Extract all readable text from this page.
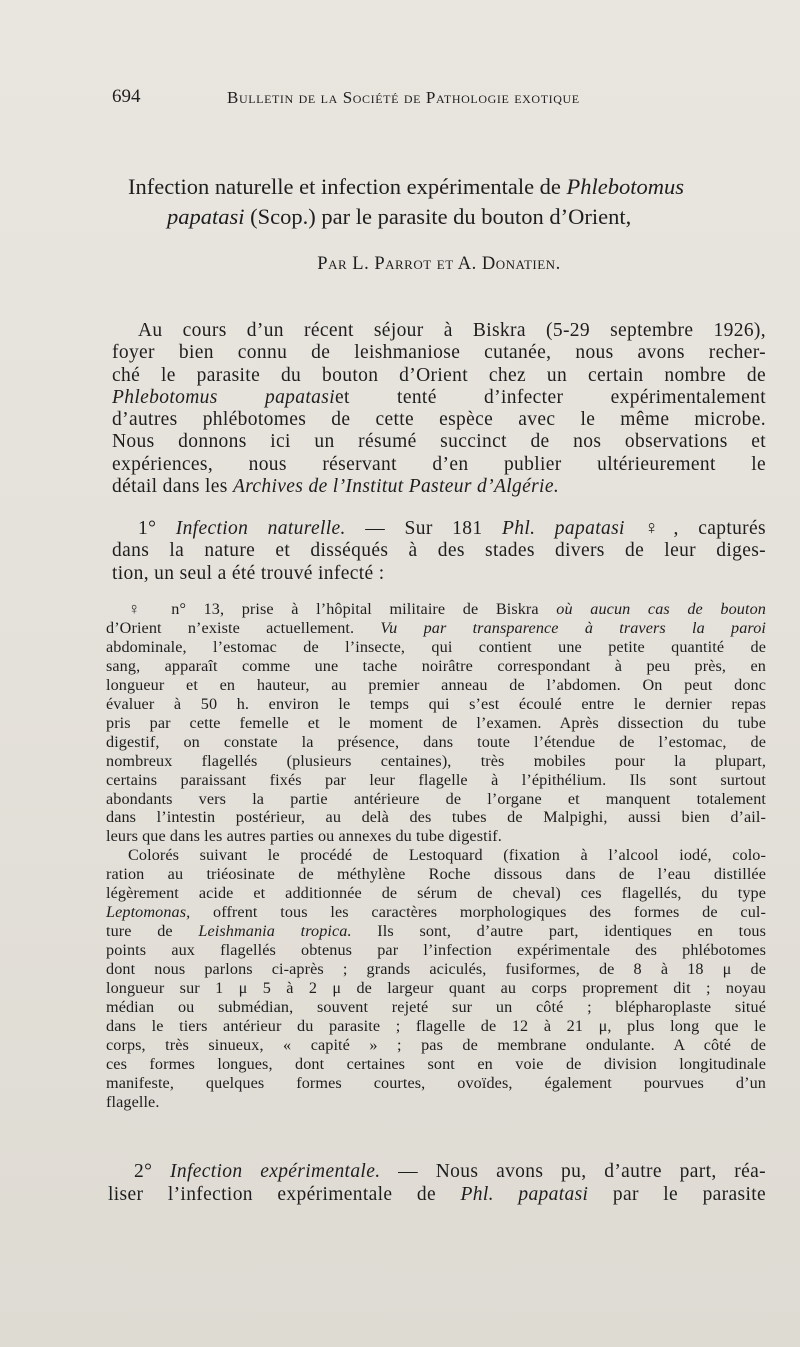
694	Bulletin de la Société de Pathologie exotique
Infection naturelle et infection expérimentale de Phlebotomus
papatasi (Scop.) par le parasite du bouton d’Orient,
Par L. Parrot et A. Donatien.
Au cours d’un récent séjour à Biskra (5-29 septembre 1926),
foyer bien connu de leishmaniose cutanée, nous avons recher-
ché le parasite du bouton d’Orient chez un certain nombre de
Phlebotomus papatasiet tenté d’infecter expérimentalement
d’autres phlébotomes de cette espèce avec le même microbe.
Nous donnons ici un résumé succinct de nos observations et
expériences, nous réservant d’en publier ultérieurement le
détail dans les Archives de l’Institut Pasteur d’Algérie.
1° Infection naturelle. — Sur 181 Phl. papatasi ♀, capturés
dans la nature et disséqués à des stades divers de leur diges-
tion, un seul a été trouvé infecté :
♀ n° 13, prise à l’hôpital militaire de Biskra où aucun cas de bouton
d’Orient n’existe actuellement. Vu par transparence à travers la paroi
abdominale, l’estomac de l’insecte, qui contient une petite quantité de
sang, apparaît comme une tache noirâtre correspondant à peu près, en
longueur et en hauteur, au premier anneau de l’abdomen. On peut donc
évaluer à 50 h. environ le temps qui s’est écoulé entre le dernier repas
pris par cette femelle et le moment de l’examen. Après dissection du tube
digestif, on constate la présence, dans toute l’étendue de l’estomac, de
nombreux flagellés (plusieurs centaines), très mobiles pour la plupart,
certains paraissant fixés par leur flagelle à l’épithélium. Ils sont surtout
abondants vers la partie antérieure de l’organe et manquent totalement
dans l’intestin postérieur, au delà des tubes de Malpighi, aussi bien d’ail-
leurs que dans les autres parties ou annexes du tube digestif.
Colorés suivant le procédé de Lestoquard (fixation à l’alcool iodé, colo-
ration au triéosinate de méthylène Roche dissous dans de l’eau distillée
légèrement acide et additionnée de sérum de cheval) ces flagellés, du type
Leptomonas, offrent tous les caractères morphologiques des formes de cul-
ture de Leishmania tropica. Ils sont, d’autre part, identiques en tous
points aux flagellés obtenus par l’infection expérimentale des phlébotomes
dont nous parlons ci-après ; grands aciculés, fusiformes, de 8 à 18 μ de
longueur sur 1 μ 5 à 2 μ de largeur quant au corps proprement dit ; noyau
médian ou submédian, souvent rejeté sur un côté ; blépharoplaste situé
dans le tiers antérieur du parasite ; flagelle de 12 à 21 μ, plus long que le
corps, très sinueux, « capité » ; pas de membrane ondulante. A côté de
ces formes longues, dont certaines sont en voie de division longitudinale
manifeste, quelques formes courtes, ovoïdes, également pourvues d’un
flagelle.
2° Infection expérimentale. — Nous avons pu, d’autre part, réa-
liser l’infection expérimentale de Phl. papatasi par le parasite
